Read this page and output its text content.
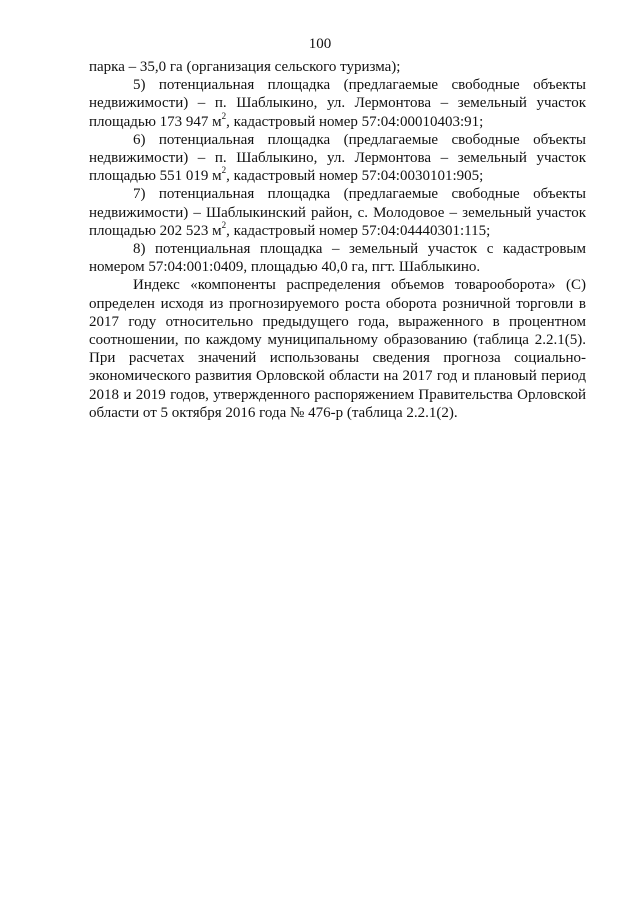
100

парка – 35,0 га (организация сельского туризма);

5) потенциальная площадка (предлагаемые свободные объекты недвижимости) – п. Шаблыкино, ул. Лермонтова – земельный участок площадью 173 947 $м^2$, кадастровый номер 57:04:00010403:91;

6) потенциальная площадка (предлагаемые свободные объекты недвижимости) – п. Шаблыкино, ул. Лермонтова – земельный участок площадью 551 019 $м^2$, кадастровый номер 57:04:0030101:905;

7) потенциальная площадка (предлагаемые свободные объекты недвижимости) – Шаблыкинский район, с. Молодовое – земельный участок площадью 202 523 $м^2$, кадастровый номер 57:04:04440301:115;

8) потенциальная площадка – земельный участок с кадастровым номером 57:04:001:0409, площадью 40,0 га, пгт. Шаблыкино.

Индекс «компоненты распределения объемов товарооборота» (С) определен исходя из прогнозируемого роста оборота розничной торговли в 2017 году относительно предыдущего года, выраженного в процентном соотношении, по каждому муниципальному образованию (таблица 2.2.1(5). При расчетах значений использованы сведения прогноза социально-экономического развития Орловской области на 2017 год и плановый период 2018 и 2019 годов, утвержденного распоряжением Правительства Орловской области от 5 октября 2016 года № 476-р (таблица 2.2.1(2).
